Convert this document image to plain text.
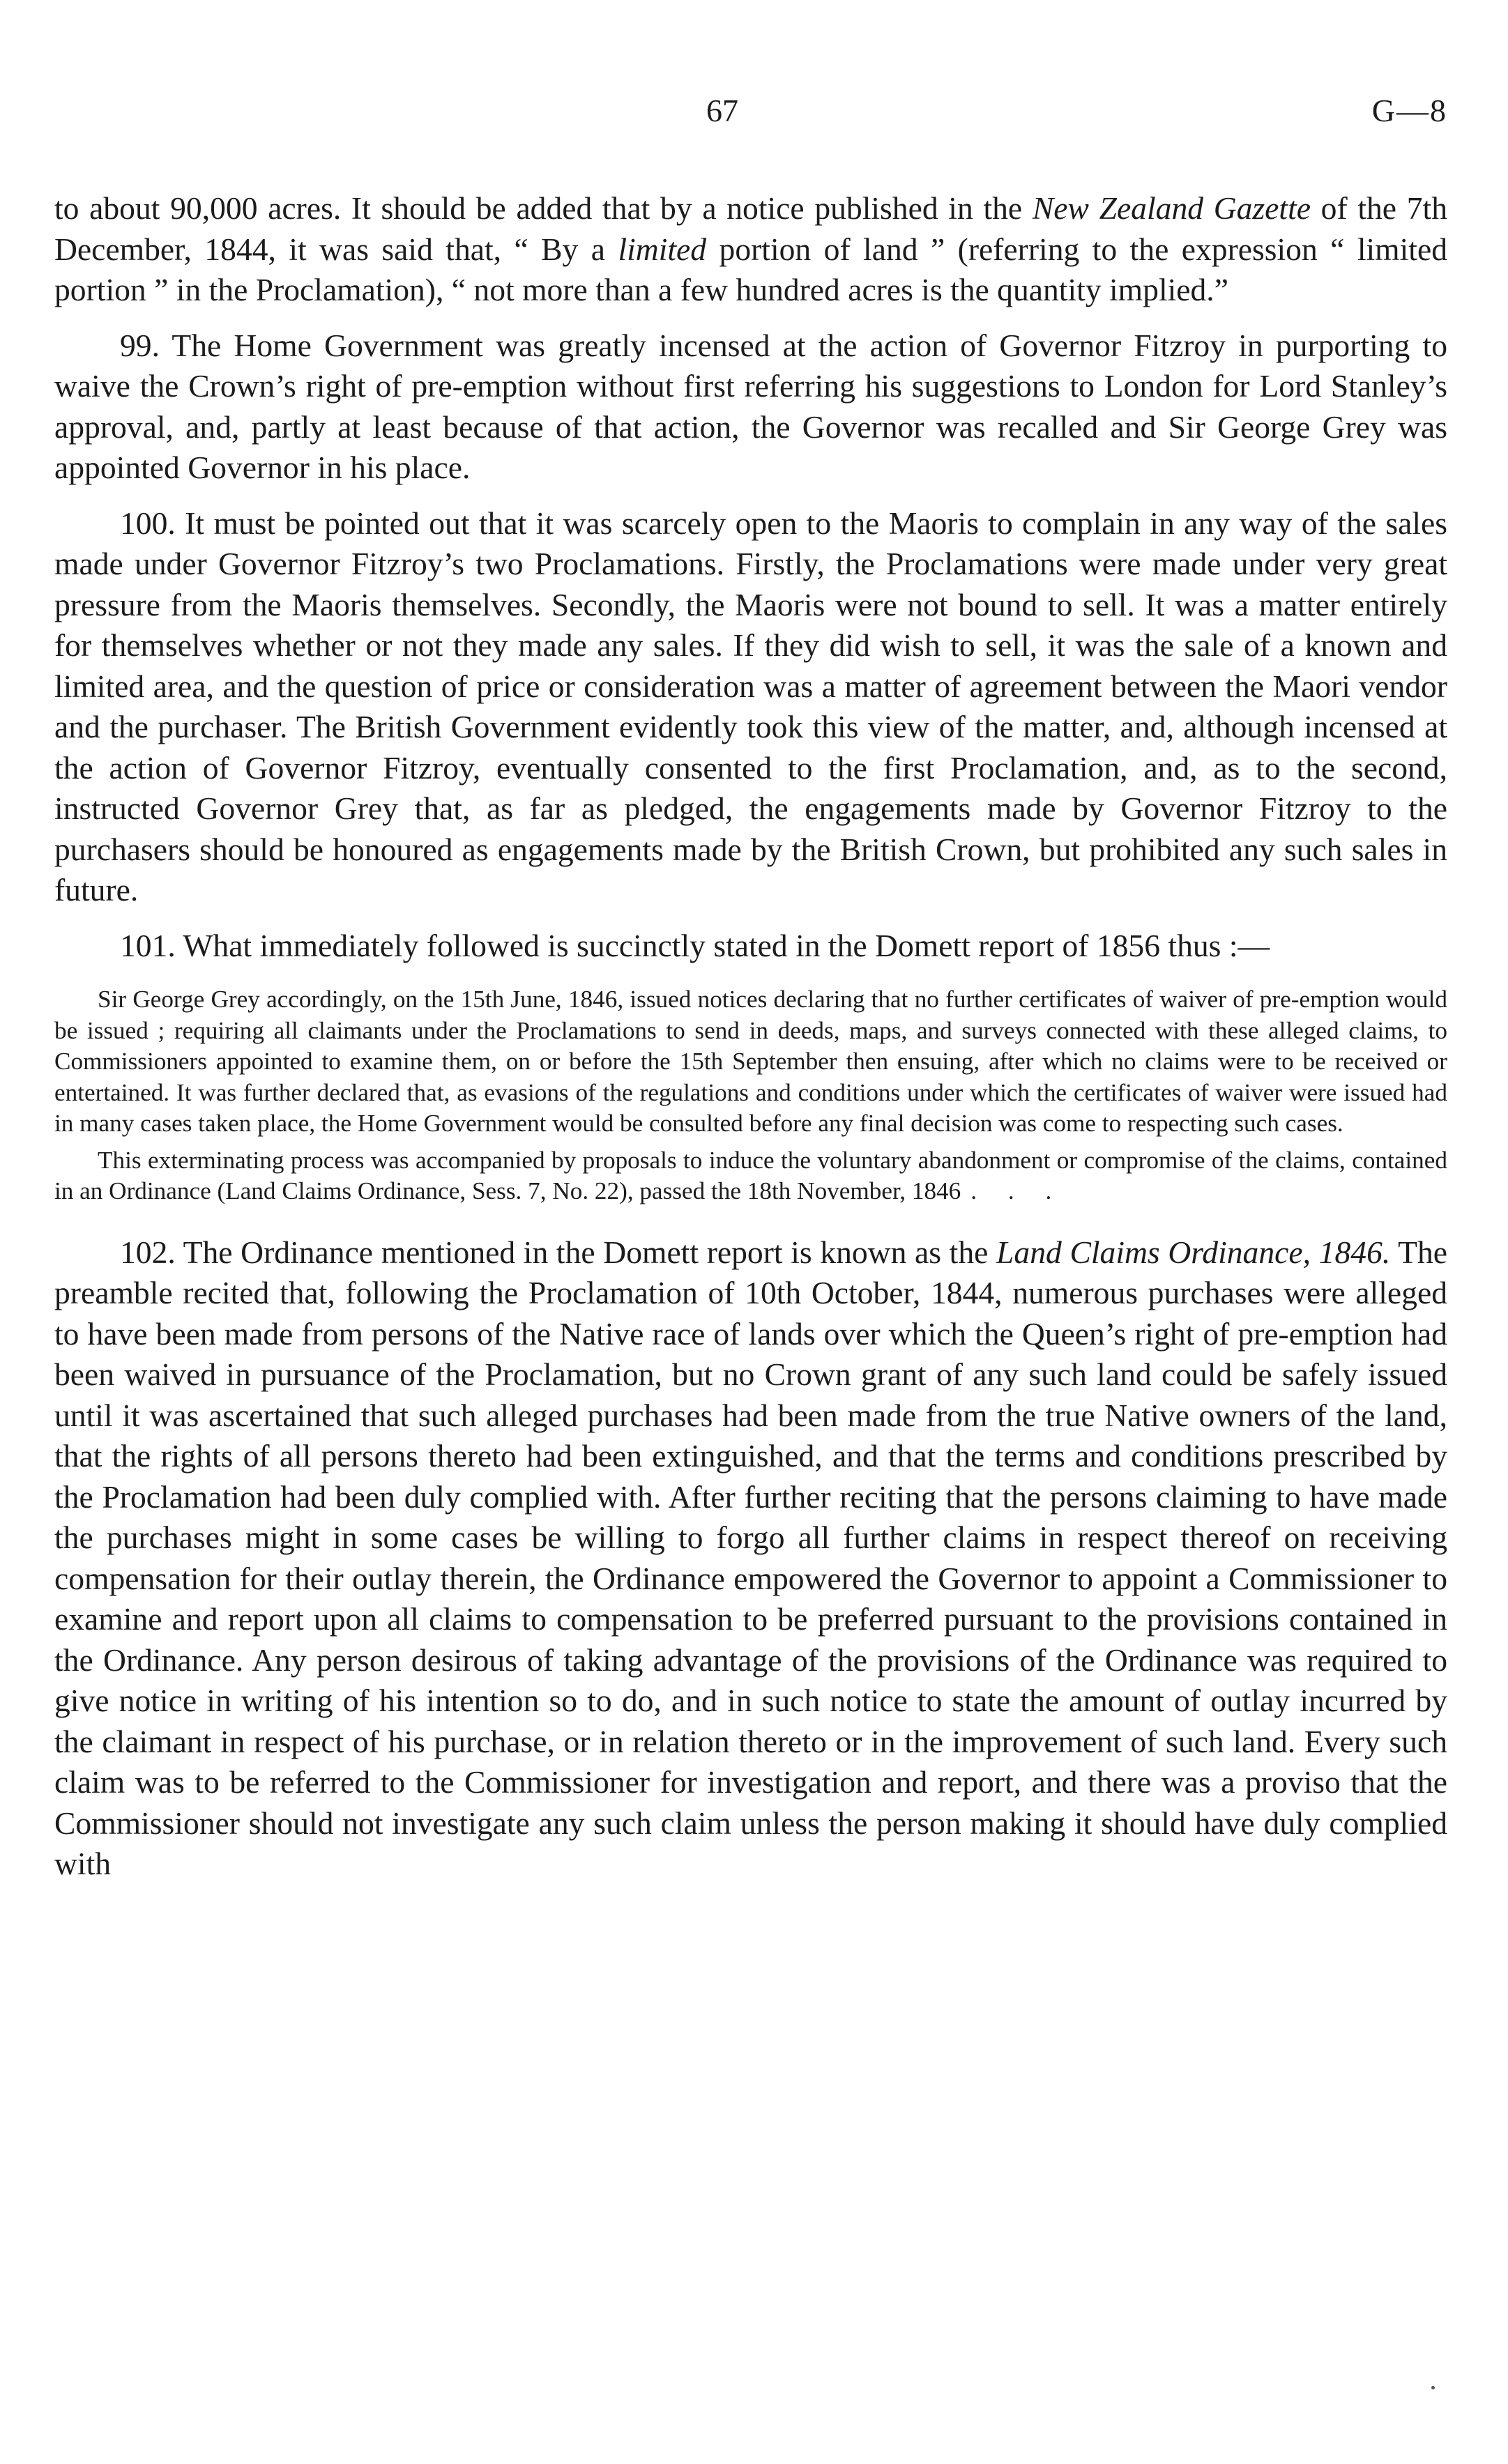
67	G—8

to about 90,000 acres. It should be added that by a notice published in the New Zealand Gazette of the 7th December, 1844, it was said that, “ By a limited portion of land ” (referring to the expression “ limited portion ” in the Proclamation), “ not more than a few hundred acres is the quantity implied.”

99. The Home Government was greatly incensed at the action of Governor Fitzroy in purporting to waive the Crown’s right of pre-emption without first referring his suggestions to London for Lord Stanley’s approval, and, partly at least because of that action, the Governor was recalled and Sir George Grey was appointed Governor in his place.

100. It must be pointed out that it was scarcely open to the Maoris to complain in any way of the sales made under Governor Fitzroy’s two Proclamations. Firstly, the Proclamations were made under very great pressure from the Maoris themselves. Secondly, the Maoris were not bound to sell. It was a matter entirely for themselves whether or not they made any sales. If they did wish to sell, it was the sale of a known and limited area, and the question of price or consideration was a matter of agreement between the Maori vendor and the purchaser. The British Government evidently took this view of the matter, and, although incensed at the action of Governor Fitzroy, eventually consented to the first Proclamation, and, as to the second, instructed Governor Grey that, as far as pledged, the engagements made by Governor Fitzroy to the purchasers should be honoured as engagements made by the British Crown, but prohibited any such sales in future.

101. What immediately followed is succinctly stated in the Domett report of 1856 thus :—

Sir George Grey accordingly, on the 15th June, 1846, issued notices declaring that no further certificates of waiver of pre-emption would be issued ; requiring all claimants under the Proclamations to send in deeds, maps, and surveys connected with these alleged claims, to Commissioners appointed to examine them, on or before the 15th September then ensuing, after which no claims were to be received or entertained. It was further declared that, as evasions of the regulations and conditions under which the certificates of waiver were issued had in many cases taken place, the Home Government would be consulted before any final decision was come to respecting such cases.

This exterminating process was accompanied by proposals to induce the voluntary abandonment or compromise of the claims, contained in an Ordinance (Land Claims Ordinance, Sess. 7, No. 22), passed the 18th November, 1846 . . .

102. The Ordinance mentioned in the Domett report is known as the Land Claims Ordinance, 1846. The preamble recited that, following the Proclamation of 10th October, 1844, numerous purchases were alleged to have been made from persons of the Native race of lands over which the Queen’s right of pre-emption had been waived in pursuance of the Proclamation, but no Crown grant of any such land could be safely issued until it was ascertained that such alleged purchases had been made from the true Native owners of the land, that the rights of all persons thereto had been extinguished, and that the terms and conditions prescribed by the Proclamation had been duly complied with. After further reciting that the persons claiming to have made the purchases might in some cases be willing to forgo all further claims in respect thereof on receiving compensation for their outlay therein, the Ordinance empowered the Governor to appoint a Commissioner to examine and report upon all claims to compensation to be preferred pursuant to the provisions contained in the Ordinance. Any person desirous of taking advantage of the provisions of the Ordinance was required to give notice in writing of his intention so to do, and in such notice to state the amount of outlay incurred by the claimant in respect of his purchase, or in relation thereto or in the improvement of such land. Every such claim was to be referred to the Commissioner for investigation and report, and there was a proviso that the Commissioner should not investigate any such claim unless the person making it should have duly complied with
